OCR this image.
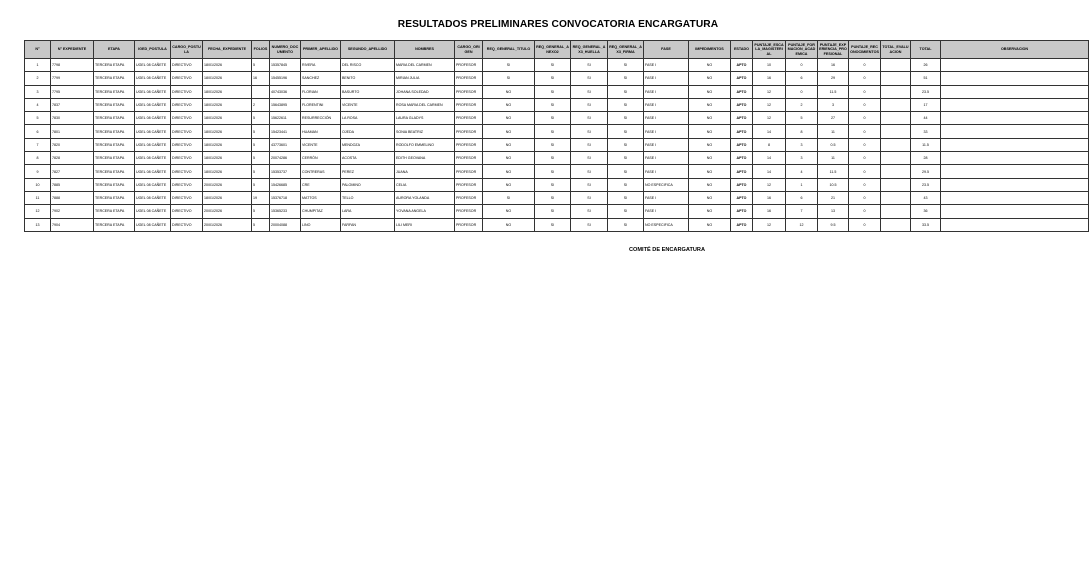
RESULTADOS PRELIMINARES CONVOCATORIA ENCARGATURA
N°	N° EXPEDIENTE	ETAPA	IGED_POSTULA	CARGO_POSTULA	FECHA_EXPEDIENTE	FOLIOS	NUMERO_DOCUMENTO	PRIMER_APELLIDO	SEGUNDO_APELLIDO	NOMBRES	CARGO_ORIGEN	REQ_GENERAL_TITULO	REQ_GENERAL_ANEXO2	REQ_GENERAL_AX3_HUELLA	REQ_GENERAL_AX3_FIRMA	FASE	IMPEDIMENTOS	ESTADO	PUNTAJE_ESCALA_MAGISTERIAL	PUNTAJE_FORMACION_ACADEMICA	PUNTAJE_EXPERIENCIA_PROFESIONAL	PUNTAJE_RECONOCIMIENTOS	TOTAL_EVALUACION	TOTAL	OBSERVACION
1	7798	TERCERA ETAPA	UGEL 08 CAÑETE	DIRECTIVO	18/01/2026	5	15357845	RIVERA	DEL RISCO	MARIA DEL CARMEN	PROFESOR	SI	SI	SI	SI	FASE I	NO	APTO	10	0	16	0		26	
2	7799	TERCERA ETAPA	UGEL 08 CAÑETE	DIRECTIVO	18/01/2026	16	15455196	SANCHEZ	BENITO	MIRIAN JULIA	PROFESOR	SI	SI	SI	SI	FASE I	NO	APTO	16	6	29	0		51	
3	7795	TERCERA ETAPA	UGEL 08 CAÑETE	DIRECTIVO	18/01/2026		40743036	FLORIAN	BASURTO	JOHANA SOLEDAD	PROFESOR	NO	SI	SI	SI	FASE I	NO	APTO	12	0	11.5	0		23.5	
4	7837	TERCERA ETAPA	UGEL 08 CAÑETE	DIRECTIVO	18/01/2026	2	15643895	FLORENTINI	VICENTE	ROSA MARIA DEL CARMEN	PROFESOR	NO	SI	SI	SI	FASE I	NO	APTO	12	2	3	0		17	
5	7830	TERCERA ETAPA	UGEL 08 CAÑETE	DIRECTIVO	18/01/2026	5	15622611	RESURRECCIÓN	LA ROSA	LAURA GLADYS	PROFESOR	NO	SI	SI	SI	FASE I	NO	APTO	12	5	27	0		44	
6	7801	TERCERA ETAPA	UGEL 08 CAÑETE	DIRECTIVO	18/01/2026	5	15423441	HUAMAN	OJEDA	SONIA BEATRIZ	PROFESOR	NO	SI	SI	SI	FASE I	NO	APTO	14	8	11	0		33	
7	7820	TERCERA ETAPA	UGEL 08 CAÑETE	DIRECTIVO	18/01/2026	5	43773601	VICENTE	MENDOZA	RODOLFO EMMELINO	PROFESOR	NO	SI	SI	SI	FASE I	NO	APTO	8	3	0.5	0		11.5	
8	7828	TERCERA ETAPA	UGEL 08 CAÑETE	DIRECTIVO	18/01/2026	5	20074286	CERRÓN	ACOSTA	EDITH GEOVANA	PROFESOR	NO	SI	SI	SI	FASE I	NO	APTO	14	3	11	0		28	
9	7827	TERCERA ETAPA	UGEL 08 CAÑETE	DIRECTIVO	18/01/2026	5	15353737	CONTRERAS	PEREZ	JUANA	PROFESOR	NO	SI	SI	SI	FASE I	NO	APTO	14	4	11.5	0		29.5	
10	7885	TERCERA ETAPA	UGEL 08 CAÑETE	DIRECTIVO	20/01/2026	5	15426685	CRE	PALOMINO	CELIA	PROFESOR	NO	SI	SI	SI	NO ESPECIFICA	NO	APTO	12	1	10.5	0		23.5	
11	7888	TERCERA ETAPA	UGEL 08 CAÑETE	DIRECTIVO	18/01/2026	19	15376718	MATTOS	TELLO	AURORA YOLANDA	PROFESOR	SI	SI	SI	SI	FASE I	NO	APTO	16	6	21	0		43	
12	7902	TERCERA ETAPA	UGEL 08 CAÑETE	DIRECTIVO	20/01/2026	5	15365233	CHUMPITAZ	LARA	YOVANA ANGELA	PROFESOR	NO	SI	SI	SI	FASE I	NO	APTO	16	7	13	0		36	
13	7904	TERCERA ETAPA	UGEL 08 CAÑETE	DIRECTIVO	20/01/2026	5	20004088	LINO	FARFAN	LILI MERI	PROFESOR	NO	SI	SI	SI	NO ESPECIFICA	NO	APTO	12	12	9.5	0		33.5	
COMITÉ DE ENCARGATURA
